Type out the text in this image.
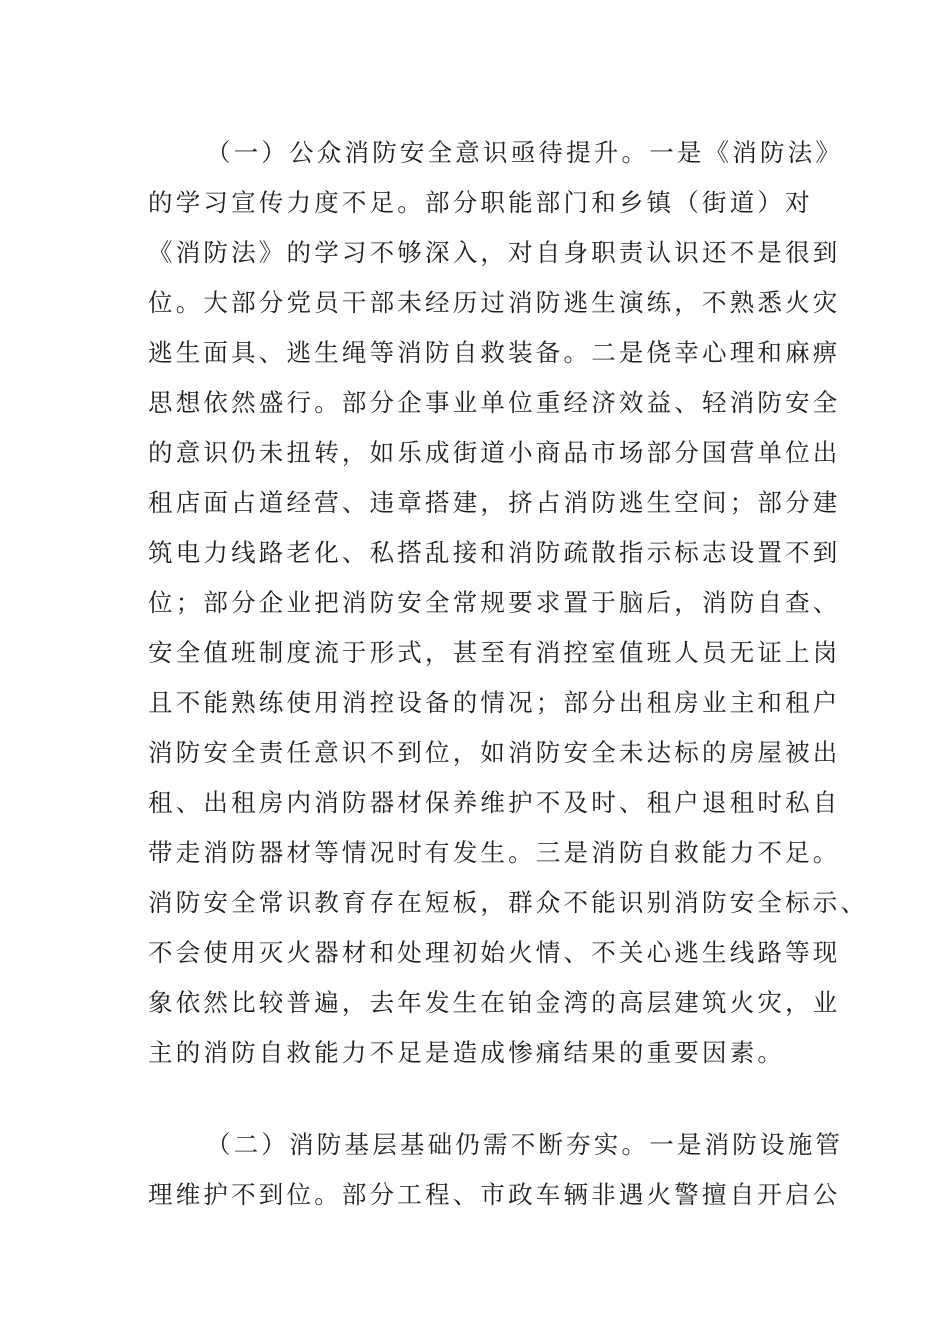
（一）公众消防安全意识亟待提升。一是《消防法》
的学习宣传力度不足。部分职能部门和乡镇（街道）对
《消防法》的学习不够深入，对自身职责认识还不是很到
位。大部分党员干部未经历过消防逃生演练，不熟悉火灾
逃生面具、逃生绳等消防自救装备。二是侥幸心理和麻痹
思想依然盛行。部分企事业单位重经济效益、轻消防安全
的意识仍未扭转，如乐成街道小商品市场部分国营单位出
租店面占道经营、违章搭建，挤占消防逃生空间；部分建
筑电力线路老化、私搭乱接和消防疏散指示标志设置不到
位；部分企业把消防安全常规要求置于脑后，消防自查、
安全值班制度流于形式，甚至有消控室值班人员无证上岗
且不能熟练使用消控设备的情况；部分出租房业主和租户
消防安全责任意识不到位，如消防安全未达标的房屋被出
租、出租房内消防器材保养维护不及时、租户退租时私自
带走消防器材等情况时有发生。三是消防自救能力不足。
消防安全常识教育存在短板，群众不能识别消防安全标示、
不会使用灭火器材和处理初始火情、不关心逃生线路等现
象依然比较普遍，去年发生在铂金湾的高层建筑火灾，业
主的消防自救能力不足是造成惨痛结果的重要因素。
（二）消防基层基础仍需不断夯实。一是消防设施管
理维护不到位。部分工程、市政车辆非遇火警擅自开启公
